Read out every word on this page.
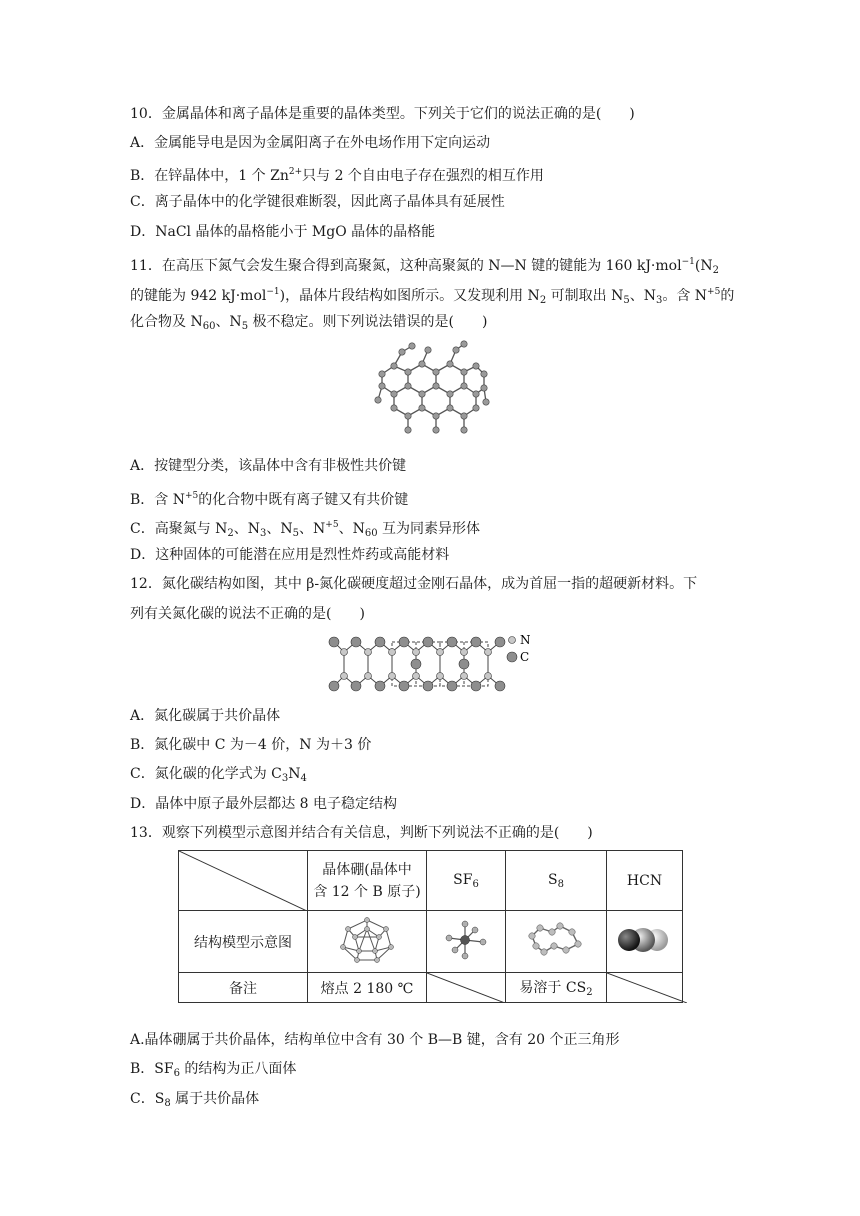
10．金属晶体和离子晶体是重要的晶体类型。下列关于它们的说法正确的是(　　)
A．金属能导电是因为金属阳离子在外电场作用下定向运动
B．在锌晶体中，1 个 $Zn^{2+}$只与 2 个自由电子存在强烈的相互作用
C．离子晶体中的化学键很难断裂，因此离子晶体具有延展性
D．NaCl 晶体的晶格能小于 MgO 晶体的晶格能
11．在高压下氮气会发生聚合得到高聚氮，这种高聚氮的 N—N 键的键能为 160 $kJ\cdot mol^{-1}(N_2$
的键能为 942 kJ·mol$^{-1}$)，晶体片段结构如图所示。又发现利用 $N_2$ 可制取出 $N_5$、$N_3$。含 $N^{+5}$的
化合物及 $N_{60}$、$N_5$ 极不稳定。则下列说法错误的是(　　)
A．按键型分类，该晶体中含有非极性共价键
B．含 $N^{+5}$的化合物中既有离子键又有共价键
C．高聚氮与 $N_2$、$N_3$、$N_5$、$N^{+5}$、$N_{60}$ 互为同素异形体
D．这种固体的可能潜在应用是烈性炸药或高能材料
12．氮化碳结构如图，其中 β-氮化碳硬度超过金刚石晶体，成为首屈一指的超硬新材料。下
列有关氮化碳的说法不正确的是(　　)
N
C
A．氮化碳属于共价晶体
B．氮化碳中 C 为－4 价，N 为＋3 价
C．氮化碳的化学式为 $C_3N_4$
D．晶体中原子最外层都达 8 电子稳定结构
13．观察下列模型示意图并结合有关信息，判断下列说法不正确的是(　　)

晶体硼(晶体中
含 12 个 B 原子)	$SF_6$	$S_8$	HCN
结构模型示意图				
备注	熔点 2 180 ℃		易溶于 $CS_2$	
A.晶体硼属于共价晶体，结构单位中含有 30 个 B—B 键，含有 20 个正三角形
B．$SF_6$ 的结构为正八面体
C．$S_8$ 属于共价晶体
